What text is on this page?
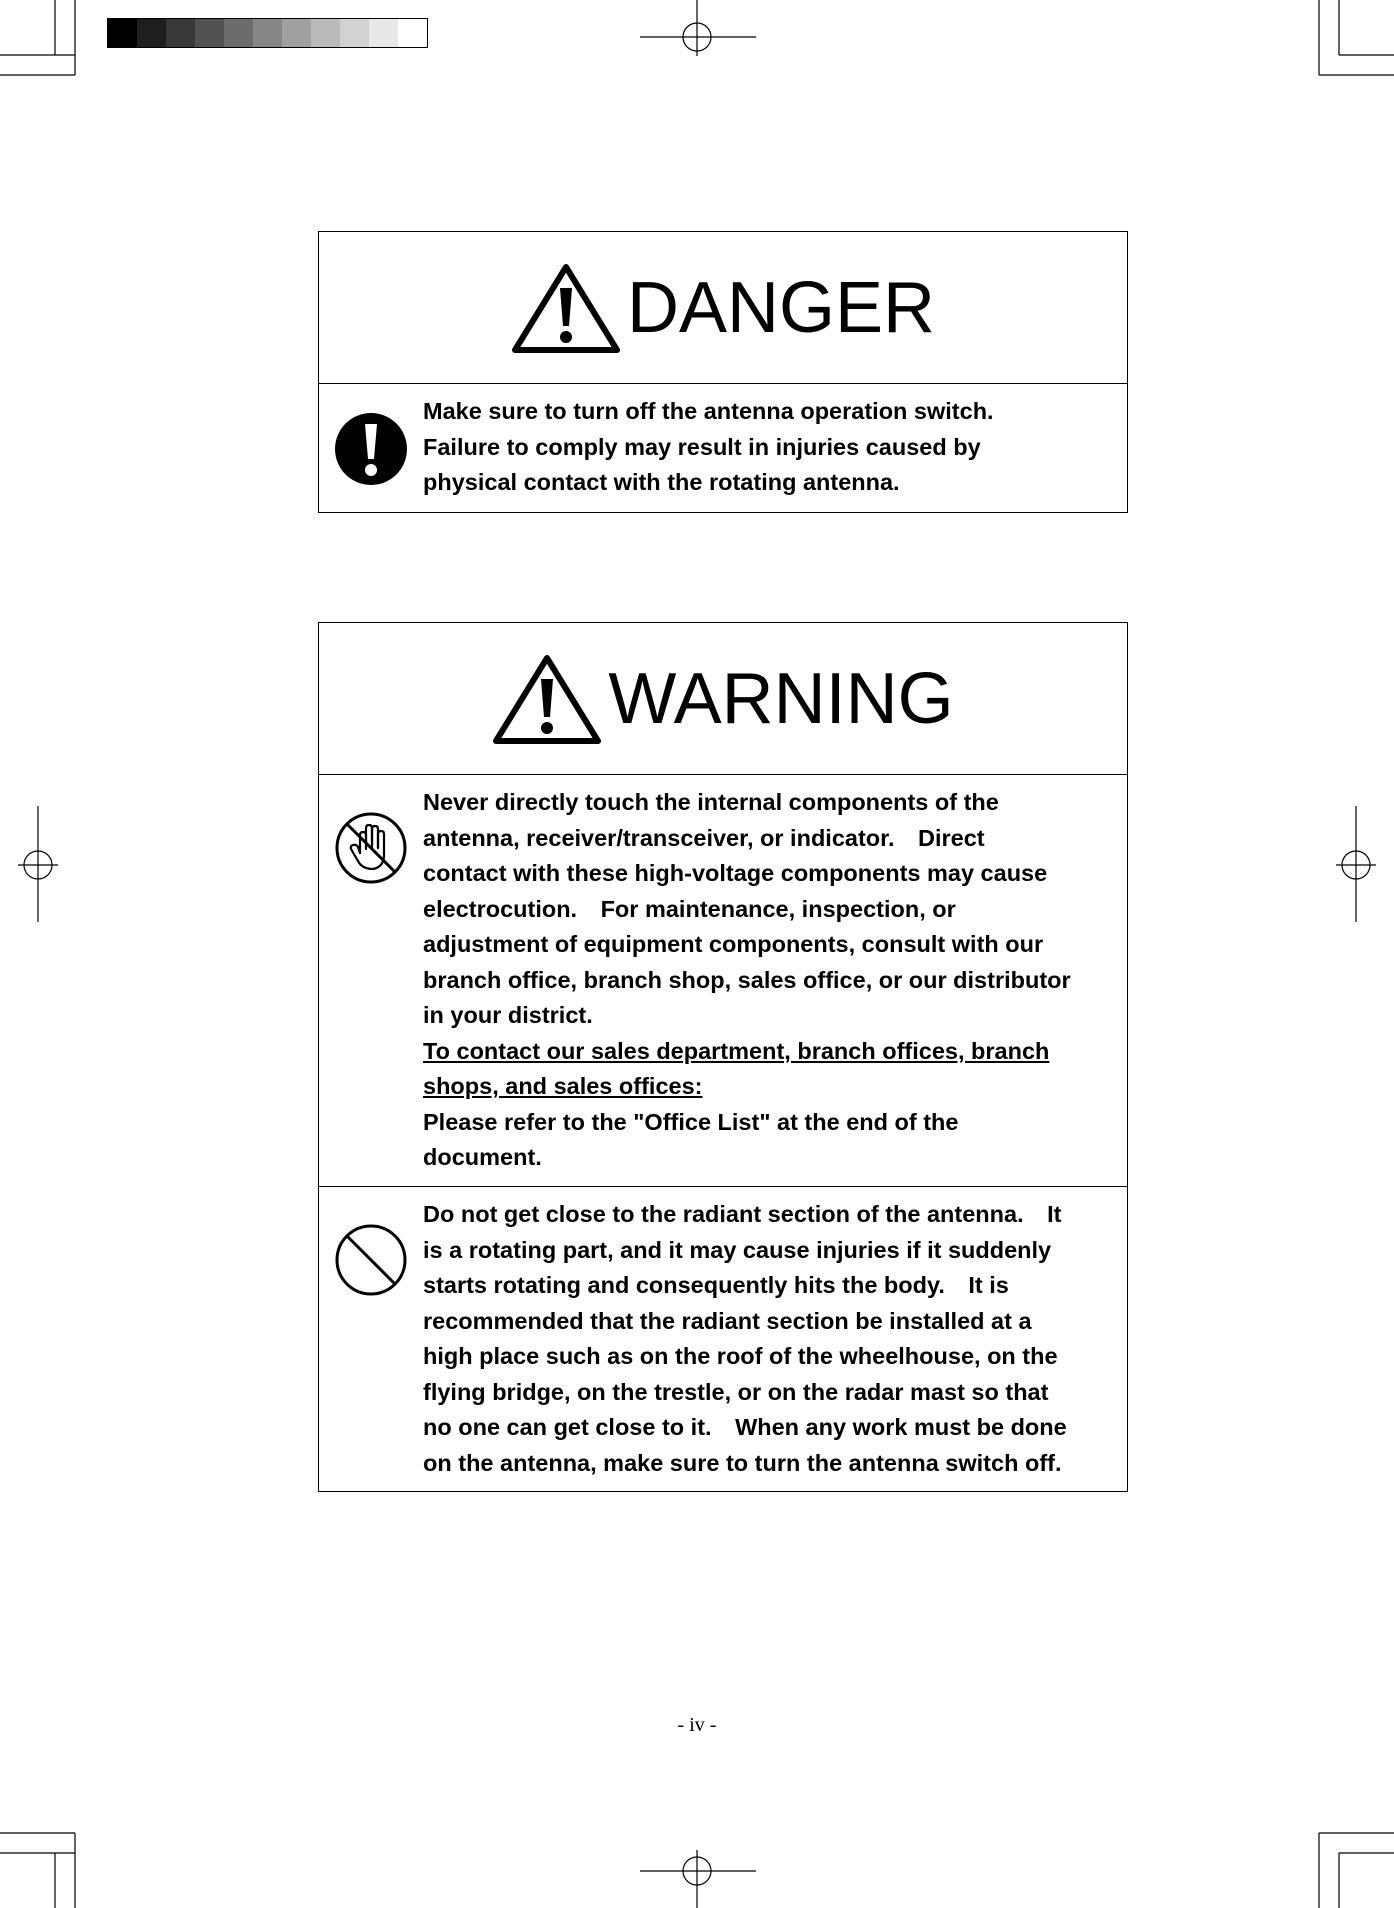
DANGER

Make sure to turn off the antenna operation switch.

Failure to comply may result in injuries caused by

physical contact with the rotating antenna.

WARNING

Never directly touch the internal components of the

antenna, receiver/transceiver, or indicator.　Direct

contact with these high-voltage components may cause

electrocution.　For maintenance, inspection, or

adjustment of equipment components, consult with our

branch office, branch shop, sales office, or our distributor

in your district.

To contact our sales department, branch offices, branch

shops, and sales offices:

Please refer to the "Office List" at the end of the

document.

Do not get close to the radiant section of the antenna.　It

is a rotating part, and it may cause injuries if it suddenly

starts rotating and consequently hits the body.　It is

recommended that the radiant section be installed at a

high place such as on the roof of the wheelhouse, on the

flying bridge, on the trestle, or on the radar mast so that

no one can get close to it.　When any work must be done

on the antenna, make sure to turn the antenna switch off.

- iv -
